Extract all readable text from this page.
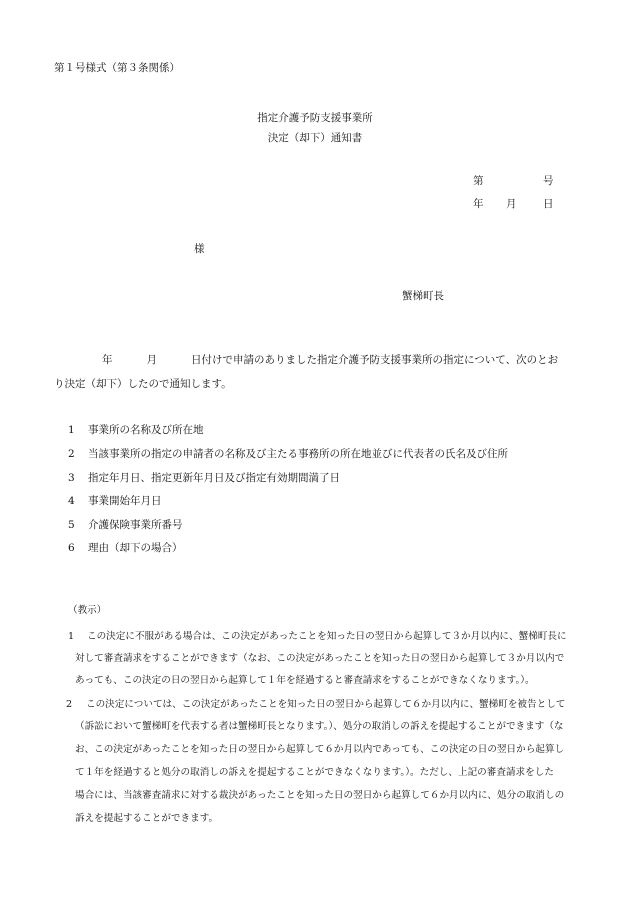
第１号様式（第３条関係）
指定介護予防支援事業所
決定（却下）通知書
第	号
年 月	日
様
蟹梯町長
年	月	日付けで申請のありました指定介護予防支援事業所の指定について、次のとお
り決定（却下）したので通知します。
1 事業所の名称及び所在地
2 当該事業所の指定の申請者の名称及び主たる事務所の所在地並びに代表者の氏名及び住所
3 指定年月日、指定更新年月日及び指定有効期間満了日
4 事業開始年月日
5 介護保険事業所番号
6 理由（却下の場合）
（教示）
1 この決定に不服がある場合は、この決定があったことを知った日の翌日から起算して３か月以内に、蟹梯町長に
対して審査請求をすることができます（なお、この決定があったことを知った日の翌日から起算して３か月以内で
あっても、この決定の日の翌日から起算して１年を経過すると審査請求をすることができなくなります。）。
2 この決定については、この決定があったことを知った日の翌日から起算して６か月以内に、蟹梯町を被告として
（訴訟において蟹梯町を代表する者は蟹梯町長となります。）、処分の取消しの訴えを提起することができます（な
お、この決定があったことを知った日の翌日から起算して６か月以内であっても、この決定の日の翌日から起算し
て１年を経過すると処分の取消しの訴えを提起することができなくなります。）。ただし、上記の審査請求をした
場合には、当該審査請求に対する裁決があったことを知った日の翌日から起算して６か月以内に、処分の取消しの
訴えを提起することができます。
